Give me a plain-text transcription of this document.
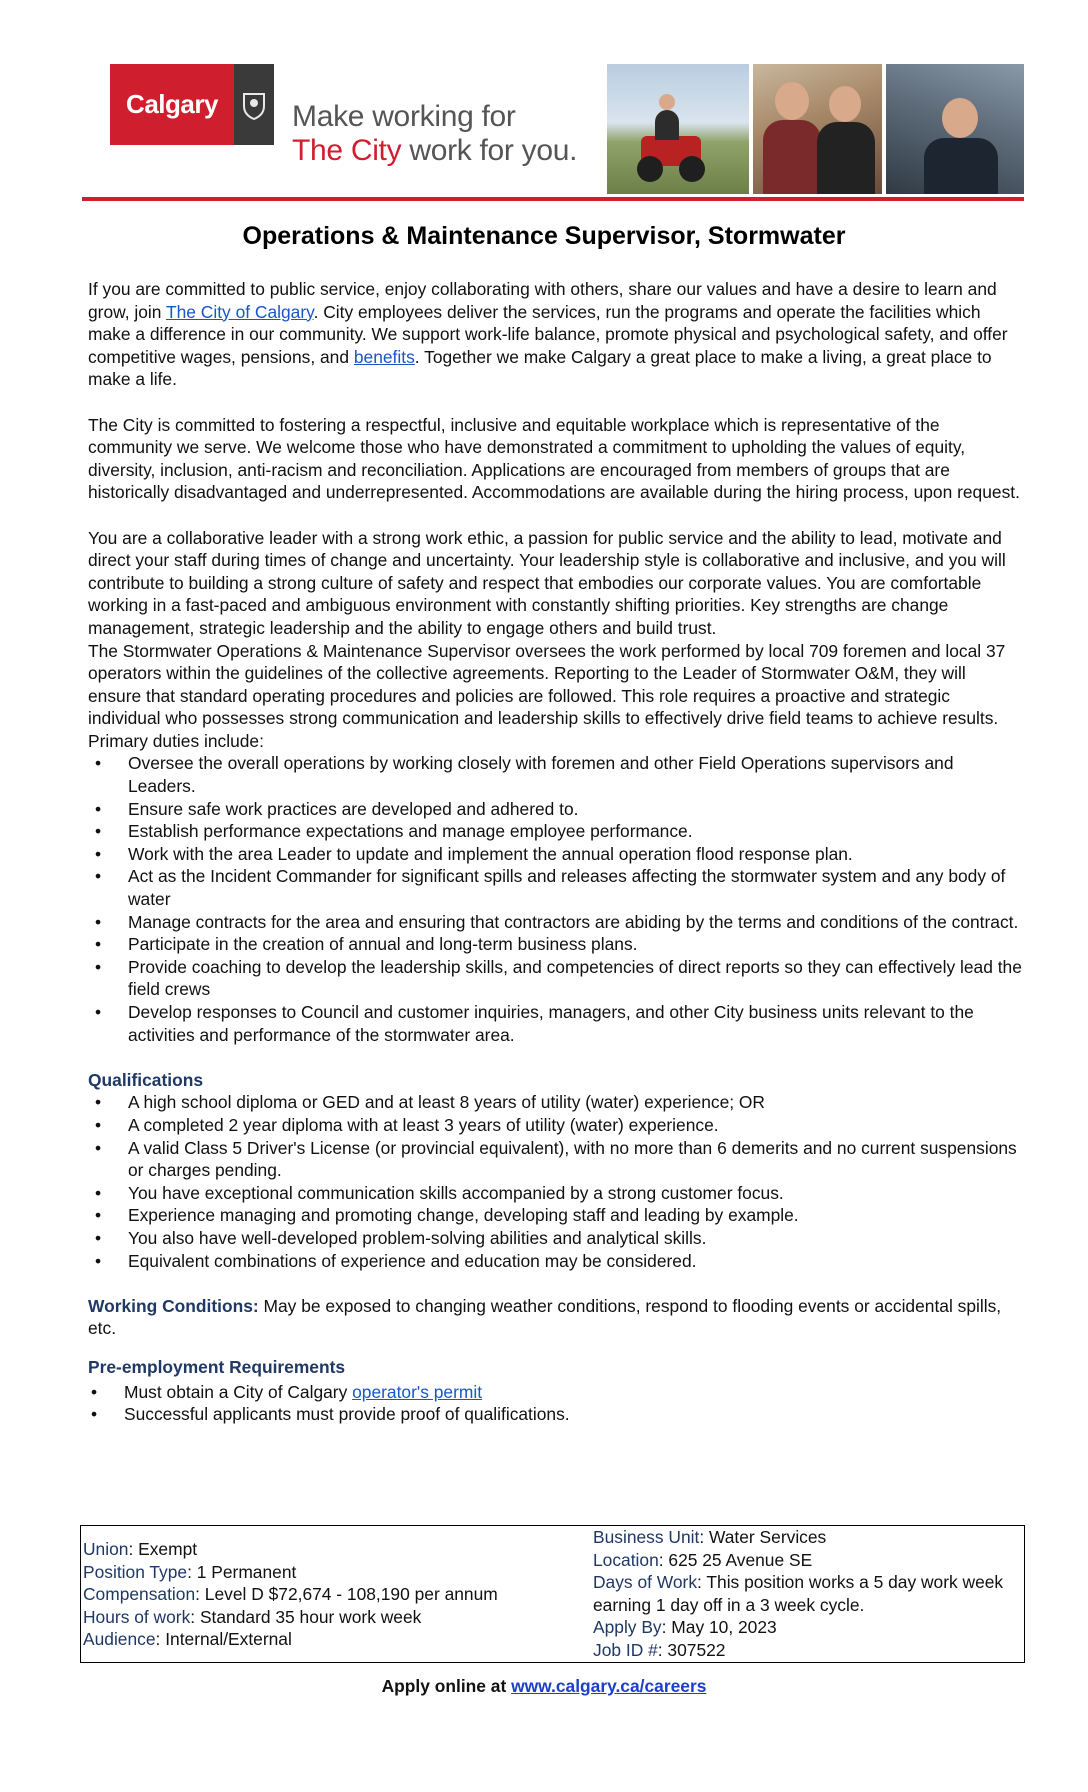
Calgary	Make working for
The City work for you.
Operations & Maintenance Supervisor, Stormwater

If you are committed to public service, enjoy collaborating with others, share our values and have a desire to learn and grow, join The City of Calgary. City employees deliver the services, run the programs and operate the facilities which make a difference in our community. We support work-life balance, promote physical and psychological safety, and offer competitive wages, pensions, and benefits. Together we make Calgary a great place to make a living, a great place to make a life.

The City is committed to fostering a respectful, inclusive and equitable workplace which is representative of the community we serve. We welcome those who have demonstrated a commitment to upholding the values of equity, diversity, inclusion, anti-racism and reconciliation. Applications are encouraged from members of groups that are historically disadvantaged and underrepresented. Accommodations are available during the hiring process, upon request.

You are a collaborative leader with a strong work ethic, a passion for public service and the ability to lead, motivate and direct your staff during times of change and uncertainty. Your leadership style is collaborative and inclusive, and you will contribute to building a strong culture of safety and respect that embodies our corporate values. You are comfortable working in a fast-paced and ambiguous environment with constantly shifting priorities. Key strengths are change management, strategic leadership and the ability to engage others and build trust.

The Stormwater Operations & Maintenance Supervisor oversees the work performed by local 709 foremen and local 37 operators within the guidelines of the collective agreements. Reporting to the Leader of Stormwater O&M, they will ensure that standard operating procedures and policies are followed. This role requires a proactive and strategic individual who possesses strong communication and leadership skills to effectively drive field teams to achieve results. Primary duties include:

• Oversee the overall operations by working closely with foremen and other Field Operations supervisors and Leaders.
• Ensure safe work practices are developed and adhered to.
• Establish performance expectations and manage employee performance.
• Work with the area Leader to update and implement the annual operation flood response plan.
• Act as the Incident Commander for significant spills and releases affecting the stormwater system and any body of water
• Manage contracts for the area and ensuring that contractors are abiding by the terms and conditions of the contract.
• Participate in the creation of annual and long-term business plans.
• Provide coaching to develop the leadership skills, and competencies of direct reports so they can effectively lead the field crews
• Develop responses to Council and customer inquiries, managers, and other City business units relevant to the activities and performance of the stormwater area.

Qualifications

• A high school diploma or GED and at least 8 years of utility (water) experience; OR
• A completed 2 year diploma with at least 3 years of utility (water) experience.
• A valid Class 5 Driver's License (or provincial equivalent), with no more than 6 demerits and no current suspensions or charges pending.
• You have exceptional communication skills accompanied by a strong customer focus.
• Experience managing and promoting change, developing staff and leading by example.
• You also have well-developed problem-solving abilities and analytical skills.
• Equivalent combinations of experience and education may be considered.

Working Conditions: May be exposed to changing weather conditions, respond to flooding events or accidental spills, etc.

Pre-employment Requirements

• Must obtain a City of Calgary operator's permit
• Successful applicants must provide proof of qualifications.
Union: Exempt
Position Type: 1 Permanent
Compensation: Level D $72,674 - 108,190 per annum
Hours of work: Standard 35 hour work week
Audience: Internal/External
Business Unit: Water Services
Location: 625 25 Avenue SE
Days of Work: This position works a 5 day work week earning 1 day off in a 3 week cycle.
Apply By: May 10, 2023
Job ID #: 307522
Apply online at www.calgary.ca/careers
